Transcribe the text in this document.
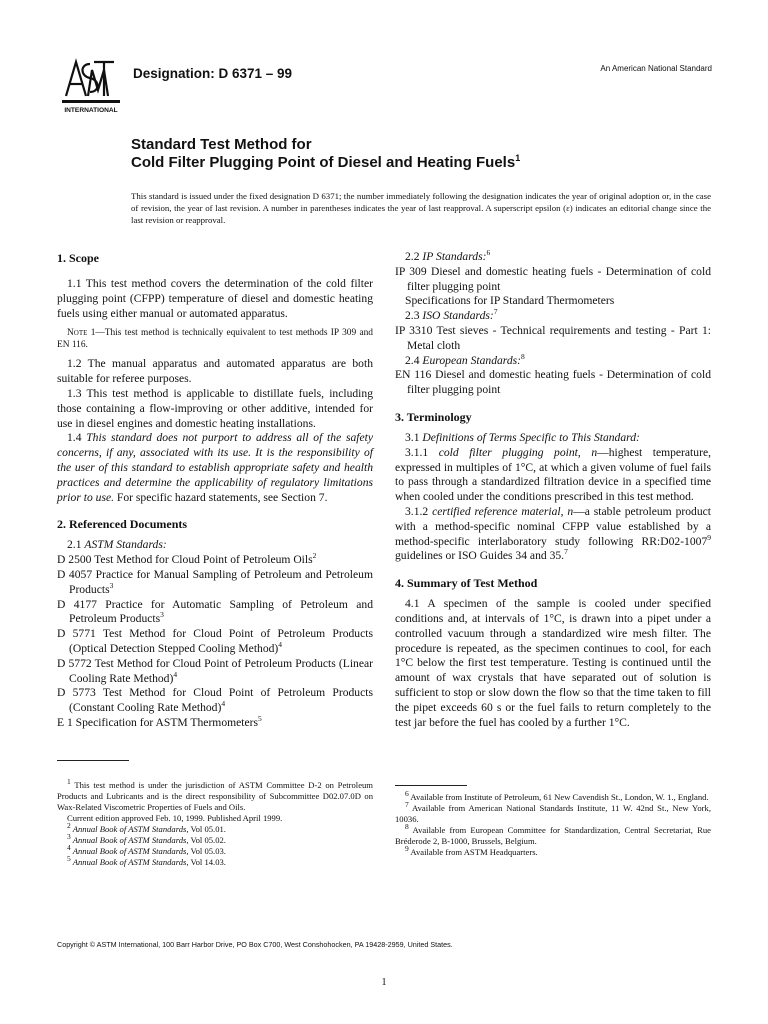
INTERNATIONAL
Designation: D 6371 – 99	An American National Standard
Standard Test Method for
Cold Filter Plugging Point of Diesel and Heating Fuels$^1$
This standard is issued under the fixed designation D 6371; the number immediately following the designation indicates the year of original adoption or, in the case of revision, the year of last revision. A number in parentheses indicates the year of last reapproval. A superscript epsilon (ε) indicates an editorial change since the last revision or reapproval.
1. Scope

1.1 This test method covers the determination of the cold filter plugging point (CFPP) temperature of diesel and domestic heating fuels using either manual or automated apparatus.

Note 1—This test method is technically equivalent to test methods IP 309 and EN 116.

1.2 The manual apparatus and automated apparatus are both suitable for referee purposes.

1.3 This test method is applicable to distillate fuels, including those containing a flow-improving or other additive, intended for use in diesel engines and domestic heating installations.

1.4 This standard does not purport to address all of the safety concerns, if any, associated with its use. It is the responsibility of the user of this standard to establish appropriate safety and health practices and determine the applicability of regulatory limitations prior to use. For specific hazard statements, see Section 7.

2. Referenced Documents

2.1 ASTM Standards:

D 2500 Test Method for Cloud Point of Petroleum Oils$^2$

D 4057 Practice for Manual Sampling of Petroleum and Petroleum Products$^3$

D 4177 Practice for Automatic Sampling of Petroleum and Petroleum Products$^3$

D 5771 Test Method for Cloud Point of Petroleum Products (Optical Detection Stepped Cooling Method)$^4$

D 5772 Test Method for Cloud Point of Petroleum Products (Linear Cooling Rate Method)$^4$

D 5773 Test Method for Cloud Point of Petroleum Products (Constant Cooling Rate Method)$^4$

E 1 Specification for ASTM Thermometers$^5$

2.2 IP Standards:$^6$

IP 309 Diesel and domestic heating fuels - Determination of cold filter plugging point

Specifications for IP Standard Thermometers

2.3 ISO Standards:$^7$

IP 3310 Test sieves - Technical requirements and testing - Part 1: Metal cloth

2.4 European Standards:$^8$

EN 116 Diesel and domestic heating fuels - Determination of cold filter plugging point

3. Terminology

3.1 Definitions of Terms Specific to This Standard:

3.1.1 cold filter plugging point, n—highest temperature, expressed in multiples of 1°C, at which a given volume of fuel fails to pass through a standardized filtration device in a specified time when cooled under the conditions prescribed in this test method.

3.1.2 certified reference material, n—a stable petroleum product with a method-specific nominal CFPP value established by a method-specific interlaboratory study following RR:D02-1007$^9$ guidelines or ISO Guides 34 and 35.$^7$

4. Summary of Test Method

4.1 A specimen of the sample is cooled under specified conditions and, at intervals of 1°C, is drawn into a pipet under a controlled vacuum through a standardized wire mesh filter. The procedure is repeated, as the specimen continues to cool, for each 1°C below the first test temperature. Testing is continued until the amount of wax crystals that have separated out of solution is sufficient to stop or slow down the flow so that the time taken to fill the pipet exceeds 60 s or the fuel fails to return completely to the test jar before the fuel has cooled by a further 1°C.

$^1$ This test method is under the jurisdiction of ASTM Committee D-2 on Petroleum Products and Lubricants and is the direct responsibility of Subcommittee D02.07.0D on Wax-Related Viscometric Properties of Fuels and Oils.

Current edition approved Feb. 10, 1999. Published April 1999.

$^2$ Annual Book of ASTM Standards, Vol 05.01.

$^3$ Annual Book of ASTM Standards, Vol 05.02.

$^4$ Annual Book of ASTM Standards, Vol 05.03.

$^5$ Annual Book of ASTM Standards, Vol 14.03.

$^6$ Available from Institute of Petroleum, 61 New Cavendish St., London, W. 1., England.

$^7$ Available from American National Standards Institute, 11 W. 42nd St., New York, 10036.

$^8$ Available from European Committee for Standardization, Central Secretariat, Rue Bréderode 2, B-1000, Brussels, Belgium.

$^9$ Available from ASTM Headquarters.

Copyright © ASTM International, 100 Barr Harbor Drive, PO Box C700, West Conshohocken, PA 19428-2959, United States.
1
